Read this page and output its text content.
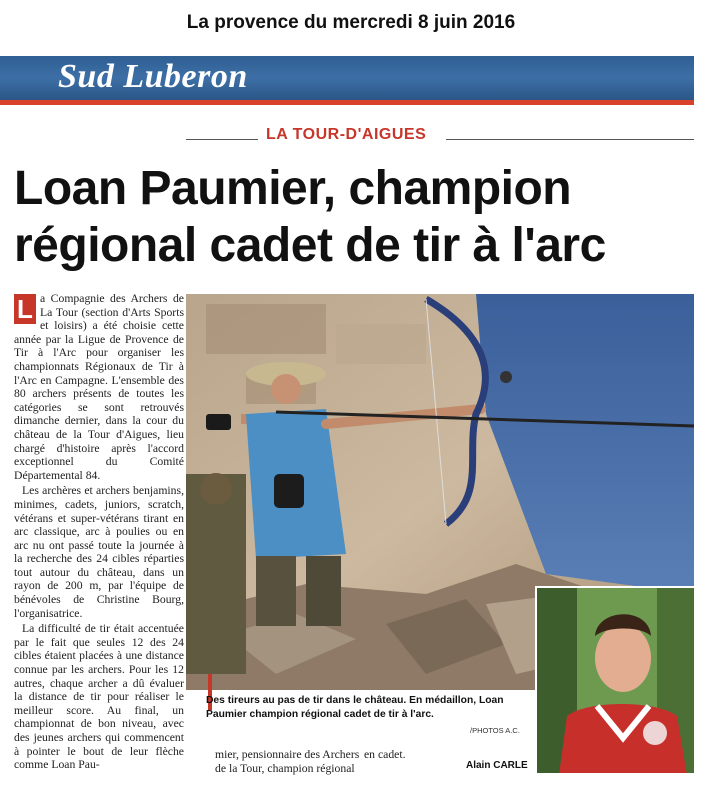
La provence du mercredi 8 juin 2016
Sud Luberon
LA TOUR-D'AIGUES
Loan Paumier, champion
régional cadet de tir à l'arc

L a Compagnie des Archers de La Tour (section d'Arts Sports et loisirs) a été choisie cette année par la Ligue de Provence de Tir à l'Arc pour organiser les championnats Régionaux de Tir à l'Arc en Campagne. L'ensemble des 80 archers présents de toutes les catégories se sont retrouvés dimanche dernier, dans la cour du château de la Tour d'Aigues, lieu chargé d'histoire après l'accord exceptionnel du Comité Départemental 84.

Les archères et archers benjamins, minimes, cadets, juniors, scratch, vétérans et super-vétérans tirant en arc classique, arc à poulies ou en arc nu ont passé toute la journée à la recherche des 24 cibles réparties tout autour du château, dans un rayon de 200 m, par l'équipe de bénévoles de Christine Bourg, l'organisatrice.

La difficulté de tir était accentuée par le fait que seules 12 des 24 cibles étaient placées à une distance connue par les archers. Pour les 12 autres, chaque archer a dû évaluer la distance de tir pour réaliser le meilleur score. Au final, un championnat de bon niveau, avec des jeunes archers qui commencent à pointer le bout de leur flèche comme Loan Pau-

Des tireurs au pas de tir dans le château. En médaillon, Loan Paumier champion régional cadet de tir à l'arc.
/PHOTOS A.C.
mier, pensionnaire des Archers
de la Tour, champion régional
en cadet.
Alain CARLE
